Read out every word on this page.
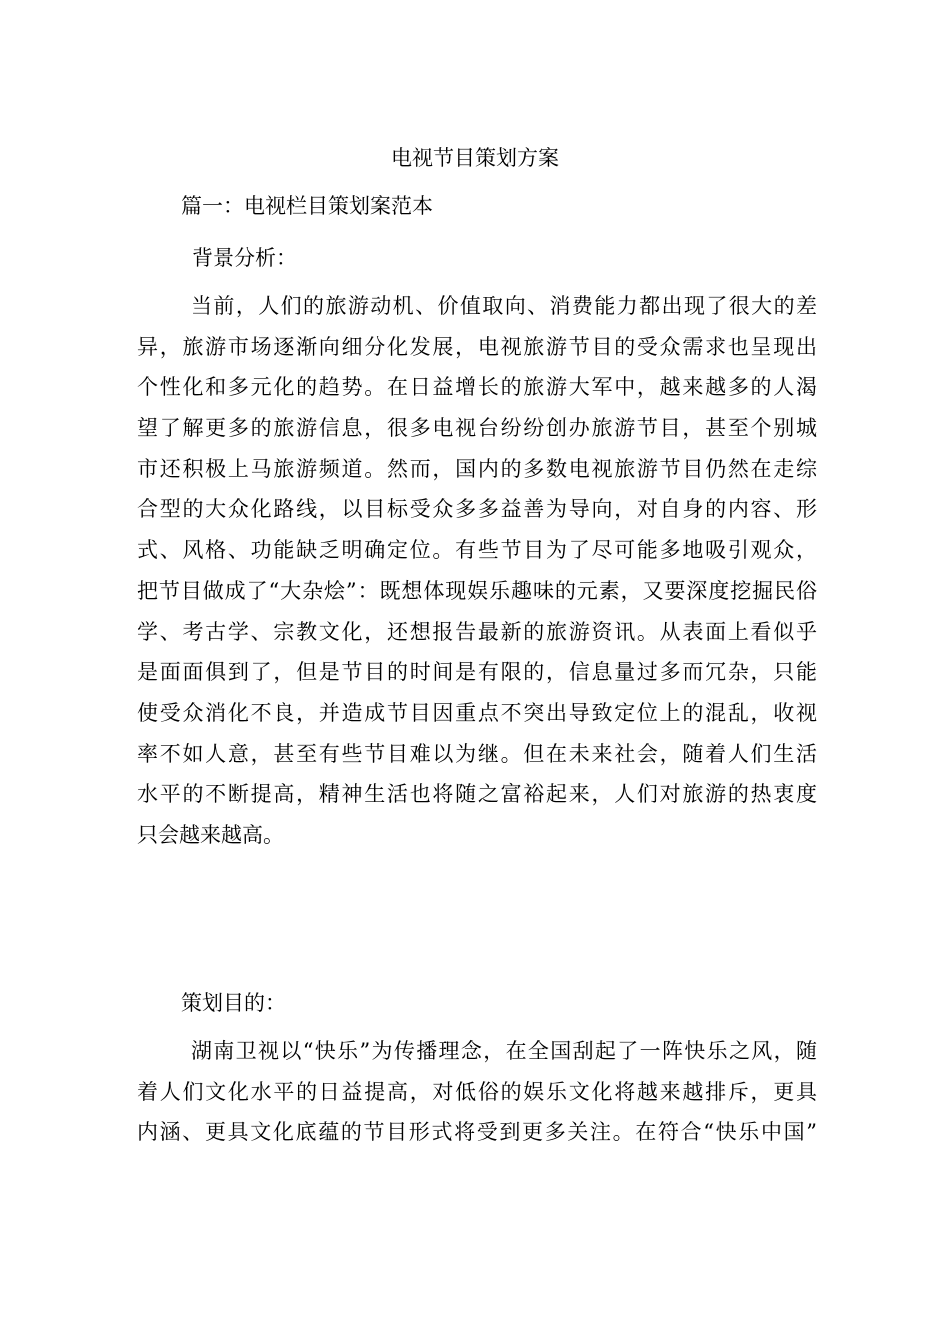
电视节目策划方案

篇一：电视栏目策划案范本

背景分析：

当前，人们的旅游动机、价值取向、消费能力都出现了很大的差
异，旅游市场逐渐向细分化发展，电视旅游节目的受众需求也呈现出
个性化和多元化的趋势。在日益增长的旅游大军中，越来越多的人渴
望了解更多的旅游信息，很多电视台纷纷创办旅游节目，甚至个别城
市还积极上马旅游频道。然而，国内的多数电视旅游节目仍然在走综
合型的大众化路线，以目标受众多多益善为导向，对自身的内容、形
式、风格、功能缺乏明确定位。有些节目为了尽可能多地吸引观众，
把节目做成了“大杂烩”：既想体现娱乐趣味的元素，又要深度挖掘民俗
学、考古学、宗教文化，还想报告最新的旅游资讯。从表面上看似乎
是面面俱到了，但是节目的时间是有限的，信息量过多而冗杂，只能
使受众消化不良，并造成节目因重点不突出导致定位上的混乱，收视
率不如人意，甚至有些节目难以为继。但在未来社会，随着人们生活
水平的不断提高，精神生活也将随之富裕起来，人们对旅游的热衷度
只会越来越高。

策划目的：

湖南卫视以“快乐”为传播理念，在全国刮起了一阵快乐之风，随
着人们文化水平的日益提高，对低俗的娱乐文化将越来越排斥，更具
内涵、更具文化底蕴的节目形式将受到更多关注。在符合“快乐中国”
